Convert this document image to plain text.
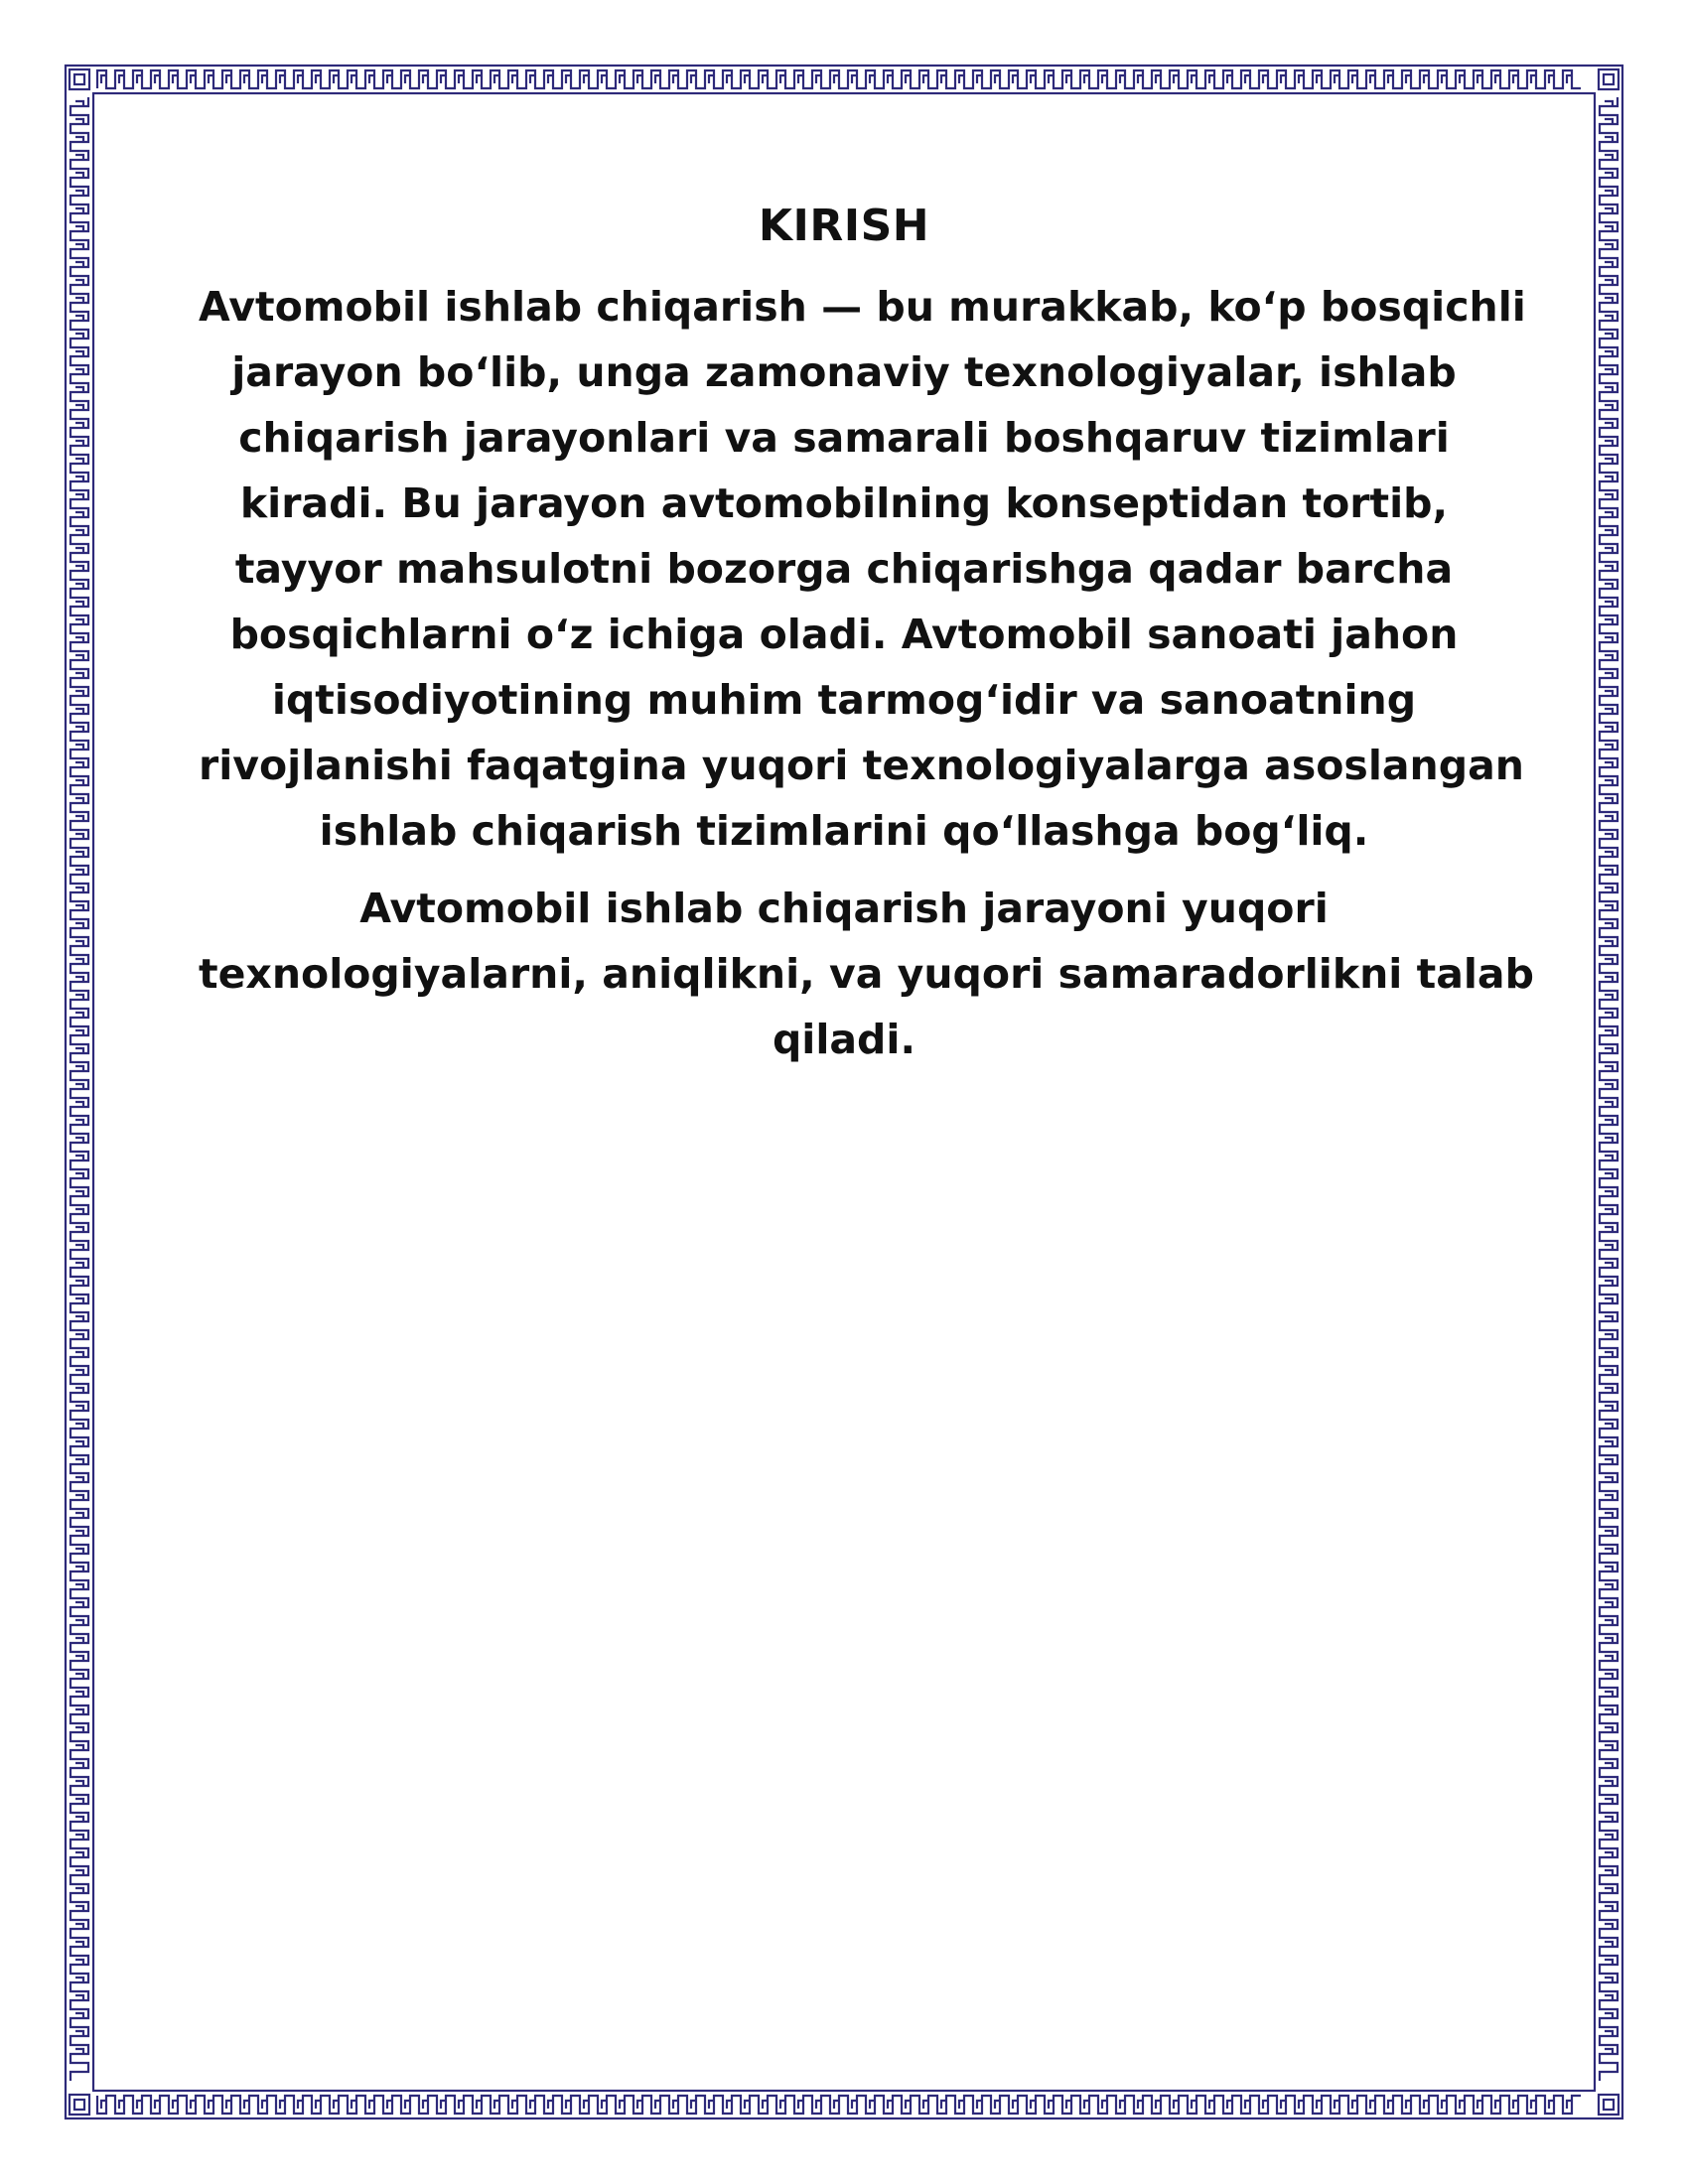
KIRISH
Avtomobil ishlab chiqarish — bu murakkab, ko‘p bosqichli
jarayon bo‘lib, unga zamonaviy texnologiyalar, ishlab
chiqarish jarayonlari va samarali boshqaruv tizimlari
kiradi. Bu jarayon avtomobilning konseptidan tortib,
tayyor mahsulotni bozorga chiqarishga qadar barcha
bosqichlarni o‘z ichiga oladi. Avtomobil sanoati jahon
iqtisodiyotining muhim tarmog‘idir va sanoatning
rivojlanishi faqatgina yuqori texnologiyalarga asoslangan
ishlab chiqarish tizimlarini qo‘llashga bog‘liq.
Avtomobil ishlab chiqarish jarayoni yuqori
texnologiyalarni, aniqlikni, va yuqori samaradorlikni talab
qiladi.
